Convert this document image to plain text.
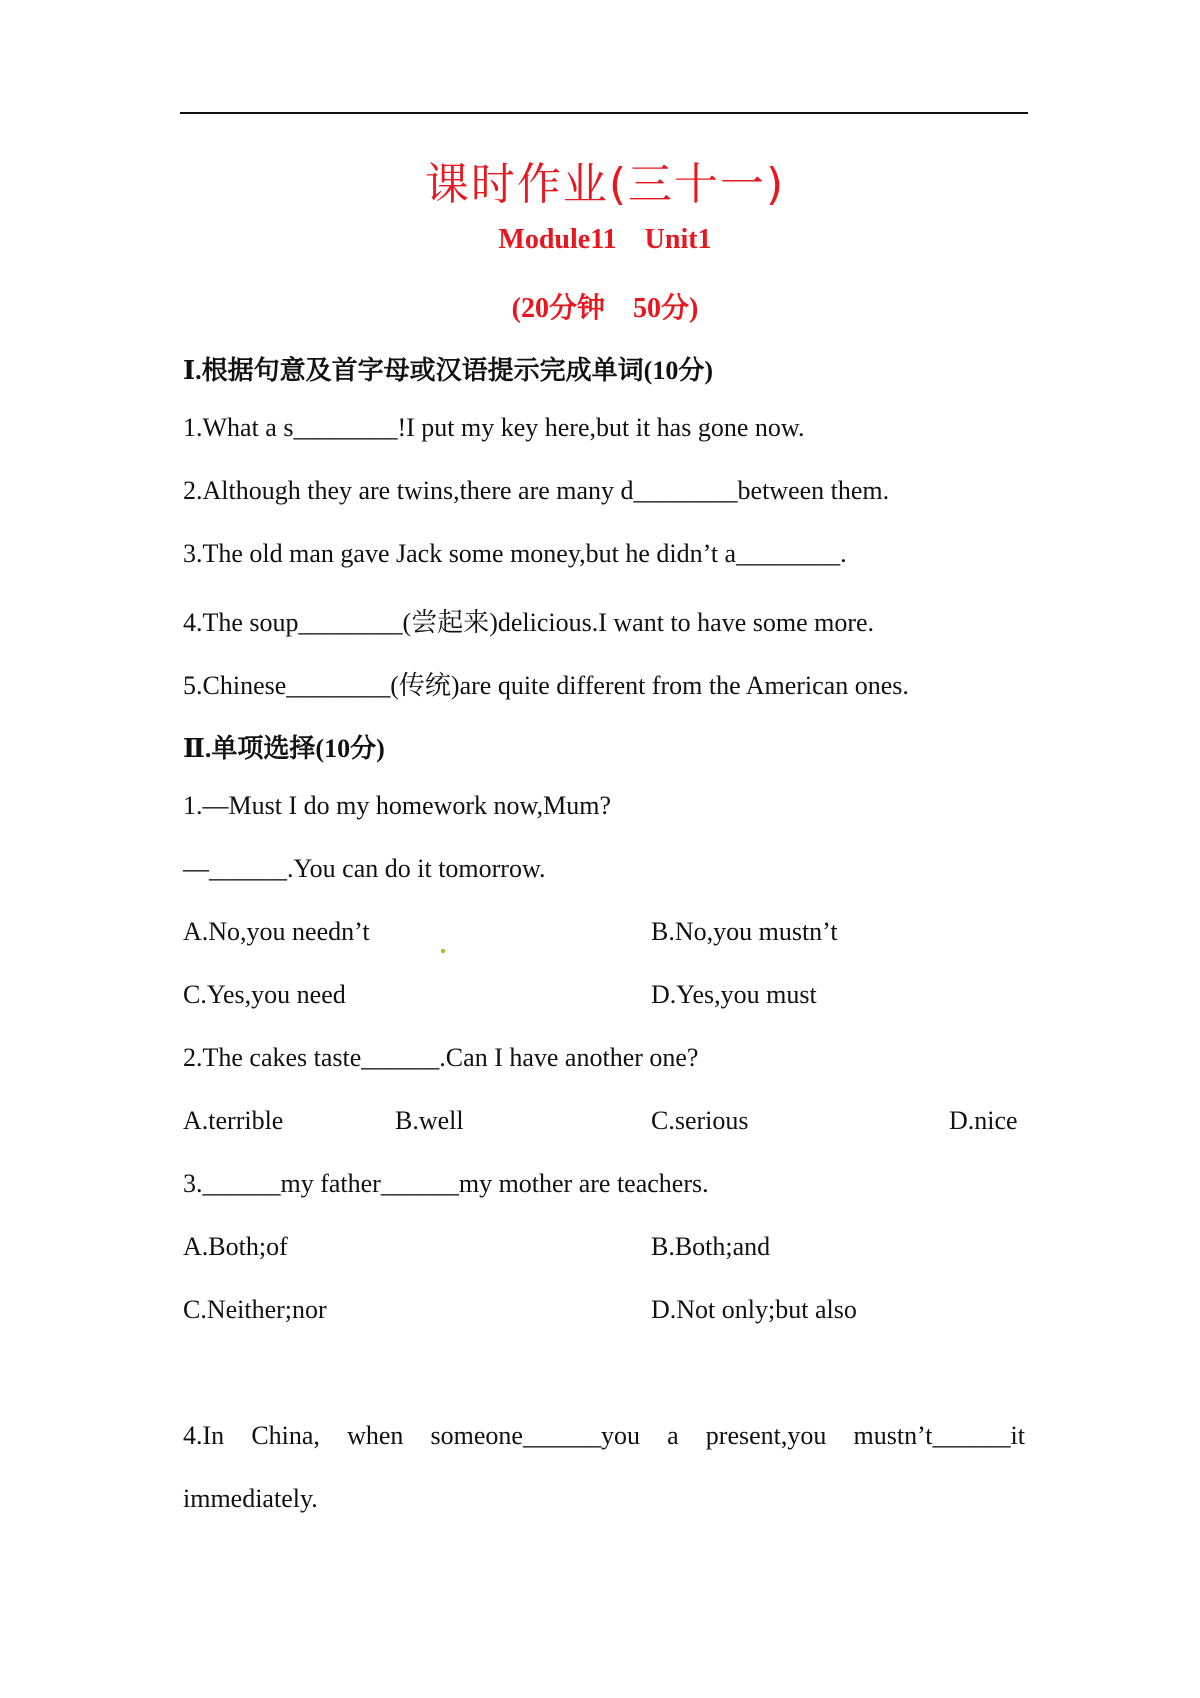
课时作业(三十一)
Module11 Unit1
(20分钟 50分)
Ⅰ.根据句意及首字母或汉语提示完成单词(10分)
1.What a s________!I put my key here,but it has gone now.
2.Although they are twins,there are many d________between them.
3.The old man gave Jack some money,but he didn’t a________.
4.The soup________(尝起来)delicious.I want to have some more.
5.Chinese________(传统)are quite different from the American ones.
Ⅱ.单项选择(10分)
1.—Must I do my homework now,Mum?
—______.You can do it tomorrow.
A.No,you needn’t	B.No,you mustn’t
C.Yes,you need	D.Yes,you must
2.The cakes taste______.Can I have another one?
A.terrible	B.well	C.serious	D.nice
3.______my father______my mother are teachers.
A.Both;of	B.Both;and
C.Neither;nor	D.Not only;but also
4.In China, when someone______you a present,you mustn’t______it
immediately.
